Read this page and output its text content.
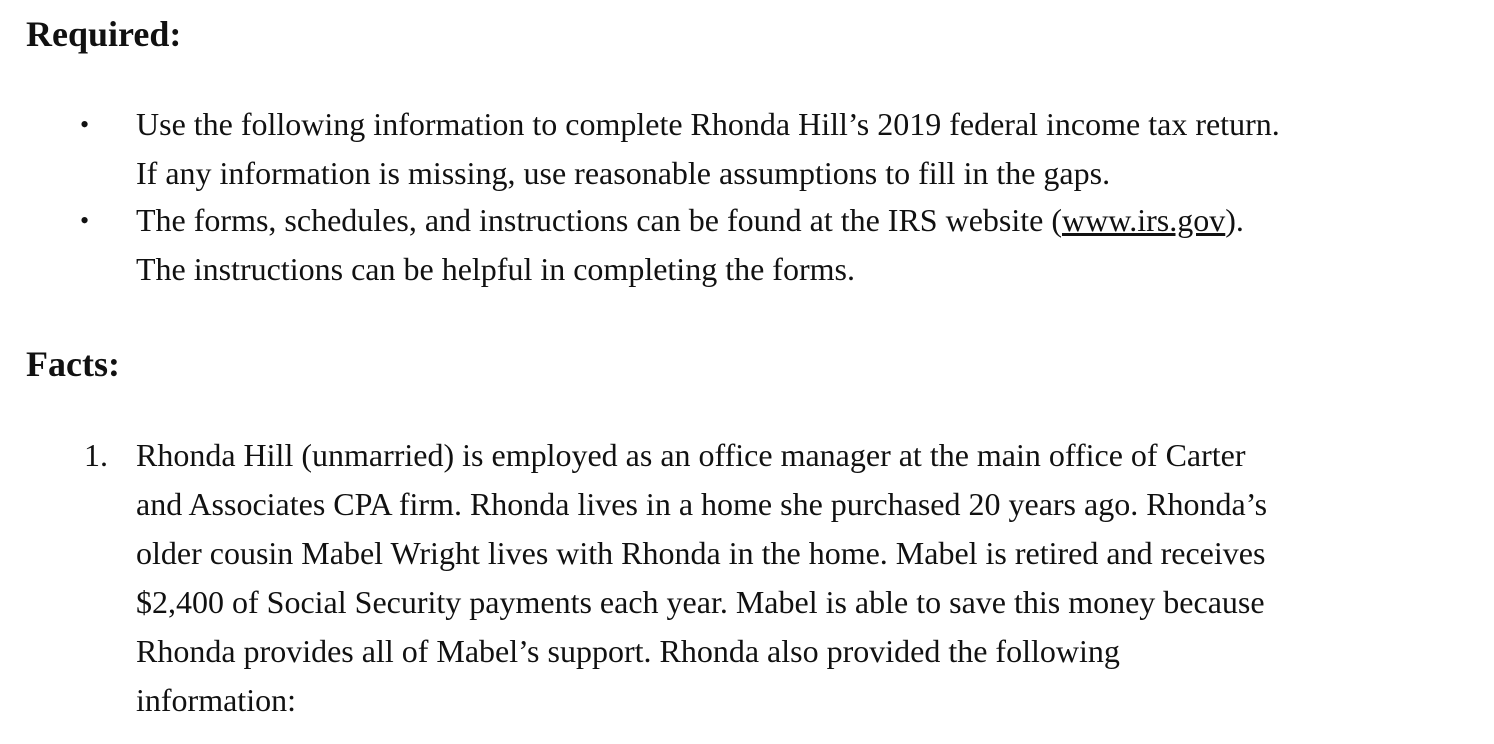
Required:
• Use the following information to complete Rhonda Hill’s 2019 federal income tax return.
If any information is missing, use reasonable assumptions to fill in the gaps.
• The forms, schedules, and instructions can be found at the IRS website (www.irs.gov).
The instructions can be helpful in completing the forms.
Facts:
1. Rhonda Hill (unmarried) is employed as an office manager at the main office of Carter
and Associates CPA firm. Rhonda lives in a home she purchased 20 years ago. Rhonda’s
older cousin Mabel Wright lives with Rhonda in the home. Mabel is retired and receives
$2,400 of Social Security payments each year. Mabel is able to save this money because
Rhonda provides all of Mabel’s support. Rhonda also provided the following
information:
